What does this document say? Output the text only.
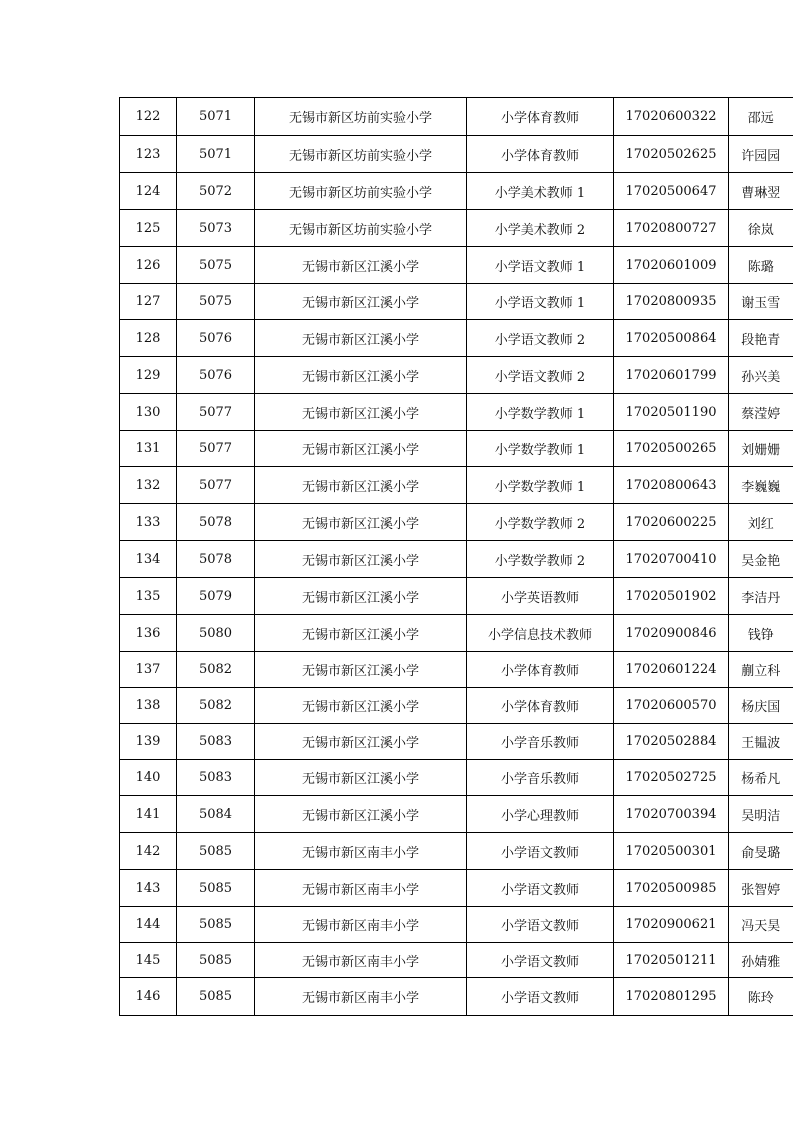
122	5071	无锡市新区坊前实验小学	小学体育教师	17020600322	邵远
123	5071	无锡市新区坊前实验小学	小学体育教师	17020502625	许园园
124	5072	无锡市新区坊前实验小学	小学美术教师 1	17020500647	曹琳翌
125	5073	无锡市新区坊前实验小学	小学美术教师 2	17020800727	徐岚
126	5075	无锡市新区江溪小学	小学语文教师 1	17020601009	陈璐
127	5075	无锡市新区江溪小学	小学语文教师 1	17020800935	谢玉雪
128	5076	无锡市新区江溪小学	小学语文教师 2	17020500864	段艳青
129	5076	无锡市新区江溪小学	小学语文教师 2	17020601799	孙兴美
130	5077	无锡市新区江溪小学	小学数学教师 1	17020501190	蔡滢婷
131	5077	无锡市新区江溪小学	小学数学教师 1	17020500265	刘姗姗
132	5077	无锡市新区江溪小学	小学数学教师 1	17020800643	李巍巍
133	5078	无锡市新区江溪小学	小学数学教师 2	17020600225	刘红
134	5078	无锡市新区江溪小学	小学数学教师 2	17020700410	吴金艳
135	5079	无锡市新区江溪小学	小学英语教师	17020501902	李洁丹
136	5080	无锡市新区江溪小学	小学信息技术教师	17020900846	钱铮
137	5082	无锡市新区江溪小学	小学体育教师	17020601224	蒯立科
138	5082	无锡市新区江溪小学	小学体育教师	17020600570	杨庆国
139	5083	无锡市新区江溪小学	小学音乐教师	17020502884	王韫波
140	5083	无锡市新区江溪小学	小学音乐教师	17020502725	杨希凡
141	5084	无锡市新区江溪小学	小学心理教师	17020700394	吴明洁
142	5085	无锡市新区南丰小学	小学语文教师	17020500301	俞旻璐
143	5085	无锡市新区南丰小学	小学语文教师	17020500985	张智婷
144	5085	无锡市新区南丰小学	小学语文教师	17020900621	冯天昊
145	5085	无锡市新区南丰小学	小学语文教师	17020501211	孙婧雅
146	5085	无锡市新区南丰小学	小学语文教师	17020801295	陈玲
